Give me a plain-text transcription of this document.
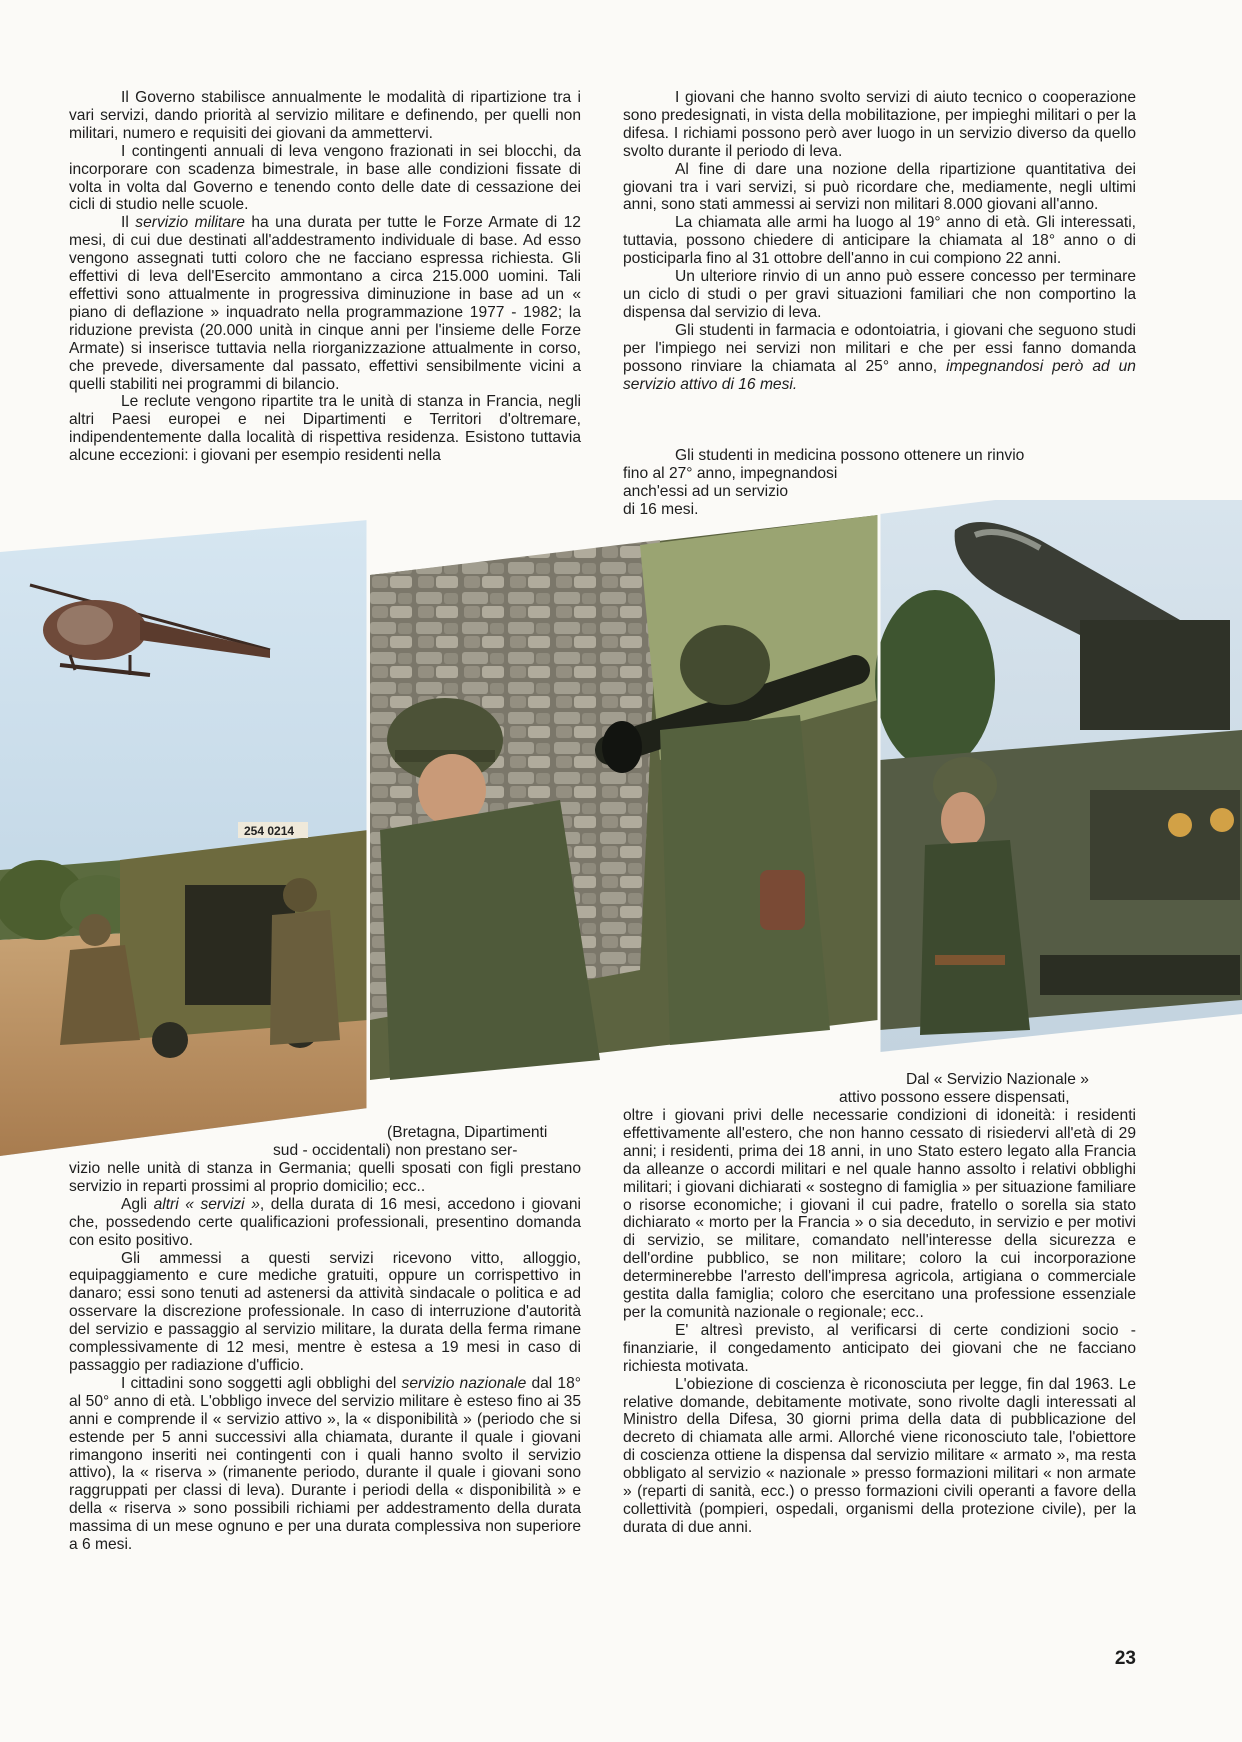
Il Governo stabilisce annualmente le modalità di ripartizione tra i vari servizi, dando priorità al servizio militare e definendo, per quelli non militari, numero e requisiti dei giovani da ammettervi.

I contingenti annuali di leva vengono frazionati in sei blocchi, da incorporare con scadenza bimestrale, in base alle condizioni fissate di volta in volta dal Governo e tenendo conto delle date di cessazione dei cicli di studio nelle scuole.

Il servizio militare ha una durata per tutte le Forze Armate di 12 mesi, di cui due destinati all'addestramento individuale di base. Ad esso vengono assegnati tutti coloro che ne facciano espressa richiesta. Gli effettivi di leva dell'Esercito ammontano a circa 215.000 uomini. Tali effettivi sono attualmente in progressiva diminuzione in base ad un « piano di deflazione » inquadrato nella programmazione 1977 - 1982; la riduzione prevista (20.000 unità in cinque anni per l'insieme delle Forze Armate) si inserisce tuttavia nella riorganizzazione attualmente in corso, che prevede, diversamente dal passato, effettivi sensibilmente vicini a quelli stabiliti nei programmi di bilancio.

Le reclute vengono ripartite tra le unità di stanza in Francia, negli altri Paesi europei e nei Dipartimenti e Territori d'oltremare, indipendentemente dalla località di rispettiva residenza. Esistono tuttavia alcune eccezioni: i giovani per esempio residenti nella

I giovani che hanno svolto servizi di aiuto tecnico o cooperazione sono predesignati, in vista della mobilitazione, per impieghi militari o per la difesa. I richiami possono però aver luogo in un servizio diverso da quello svolto durante il periodo di leva.

Al fine di dare una nozione della ripartizione quantitativa dei giovani tra i vari servizi, si può ricordare che, mediamente, negli ultimi anni, sono stati ammessi ai servizi non militari 8.000 giovani all'anno.

La chiamata alle armi ha luogo al 19° anno di età. Gli interessati, tuttavia, possono chiedere di anticipare la chiamata al 18° anno o di posticiparla fino al 31 ottobre dell'anno in cui compiono 22 anni.

Un ulteriore rinvio di un anno può essere concesso per terminare un ciclo di studi o per gravi situazioni familiari che non comportino la dispensa dal servizio di leva.

Gli studenti in farmacia e odontoiatria, i giovani che seguono studi per l'impiego nei servizi non militari e che per essi fanno domanda possono rinviare la chiamata al 25° anno, impegnandosi però ad un servizio attivo di 16 mesi.

Gli studenti in medicina possono ottenere un rinvio
fino al 27° anno, impegnandosi
anch'essi ad un servizio
di 16 mesi.
254 0214
(Bretagna, Dipartimenti
sud - occidentali) non prestano ser-

vizio nelle unità di stanza in Germania; quelli sposati con figli prestano servizio in reparti prossimi al proprio domicilio; ecc..

Agli altri « servizi », della durata di 16 mesi, accedono i giovani che, possedendo certe qualificazioni professionali, presentino domanda con esito positivo.

Gli ammessi a questi servizi ricevono vitto, alloggio, equipaggiamento e cure mediche gratuiti, oppure un corrispettivo in danaro; essi sono tenuti ad astenersi da attività sindacale o politica e ad osservare la discrezione professionale. In caso di interruzione d'autorità del servizio e passaggio al servizio militare, la durata della ferma rimane complessivamente di 12 mesi, mentre è estesa a 19 mesi in caso di passaggio per radiazione d'ufficio.

I cittadini sono soggetti agli obblighi del servizio nazionale dal 18° al 50° anno di età. L'obbligo invece del servizio militare è esteso fino ai 35 anni e comprende il « servizio attivo », la « disponibilità » (periodo che si estende per 5 anni successivi alla chiamata, durante il quale i giovani rimangono inseriti nei contingenti con i quali hanno svolto il servizio attivo), la « riserva » (rimanente periodo, durante il quale i giovani sono raggruppati per classi di leva). Durante i periodi della « disponibilità » e della « riserva » sono possibili richiami per addestramento della durata massima di un mese ognuno e per una durata complessiva non superiore a 6 mesi.

Dal « Servizio Nazionale »
attivo possono essere dispensati,

oltre i giovani privi delle necessarie condizioni di idoneità: i residenti effettivamente all'estero, che non hanno cessato di risiedervi all'età di 29 anni; i residenti, prima dei 18 anni, in uno Stato estero legato alla Francia da alleanze o accordi militari e nel quale hanno assolto i relativi obblighi militari; i giovani dichiarati « sostegno di famiglia » per situazione familiare o risorse economiche; i giovani il cui padre, fratello o sorella sia stato dichiarato « morto per la Francia » o sia deceduto, in servizio e per motivi di servizio, se militare, comandato nell'interesse della sicurezza e dell'ordine pubblico, se non militare; coloro la cui incorporazione determinerebbe l'arresto dell'impresa agricola, artigiana o commerciale gestita dalla famiglia; coloro che esercitano una professione essenziale per la comunità nazionale o regionale; ecc..

E' altresì previsto, al verificarsi di certe condizioni socio - finanziarie, il congedamento anticipato dei giovani che ne facciano richiesta motivata.

L'obiezione di coscienza è riconosciuta per legge, fin dal 1963. Le relative domande, debitamente motivate, sono rivolte dagli interessati al Ministro della Difesa, 30 giorni prima della data di pubblicazione del decreto di chiamata alle armi. Allorché viene riconosciuto tale, l'obiettore di coscienza ottiene la dispensa dal servizio militare « armato », ma resta obbligato al servizio « nazionale » presso formazioni militari « non armate » (reparti di sanità, ecc.) o presso formazioni civili operanti a favore della collettività (pompieri, ospedali, organismi della protezione civile), per la durata di due anni.

23
